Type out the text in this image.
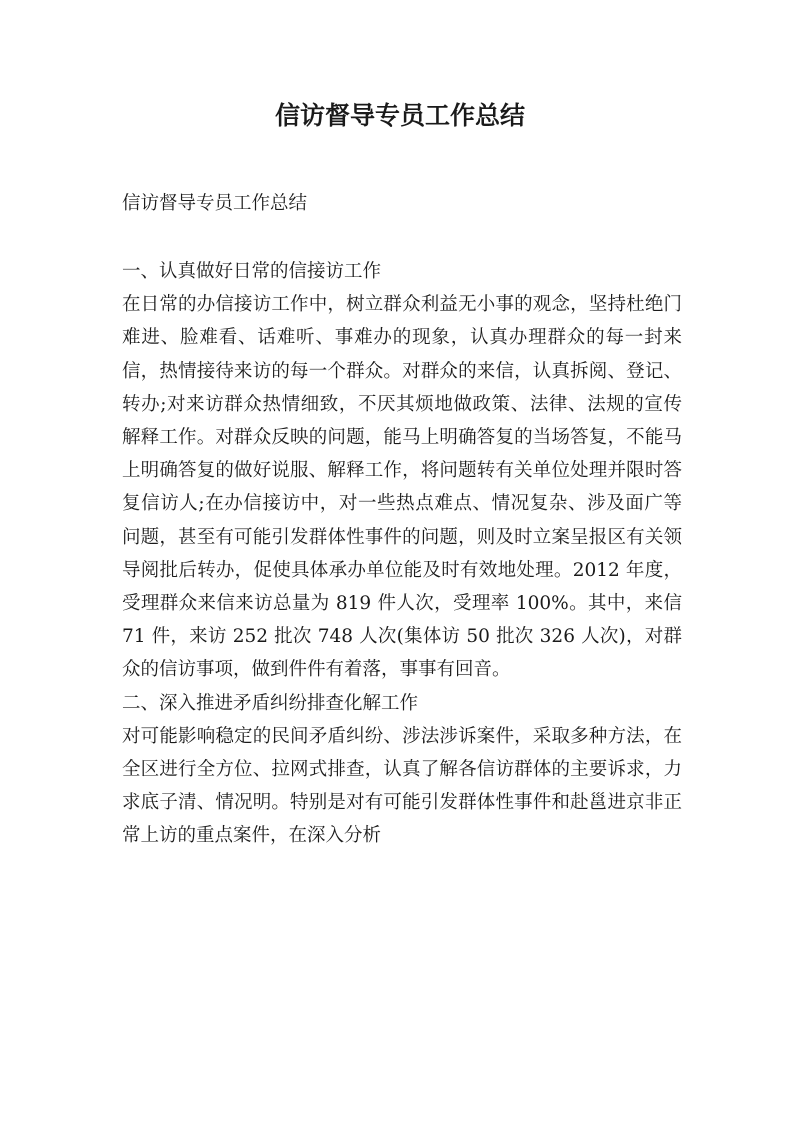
信访督导专员工作总结

信访督导专员工作总结

一、认真做好日常的信接访工作

在日常的办信接访工作中，树立群众利益无小事的观念，坚持杜绝门难进、脸难看、话难听、事难办的现象，认真办理群众的每一封来信，热情接待来访的每一个群众。对群众的来信，认真拆阅、登记、转办;对来访群众热情细致，不厌其烦地做政策、法律、法规的宣传解释工作。对群众反映的问题，能马上明确答复的当场答复，不能马上明确答复的做好说服、解释工作，将问题转有关单位处理并限时答复信访人;在办信接访中，对一些热点难点、情况复杂、涉及面广等问题，甚至有可能引发群体性事件的问题，则及时立案呈报区有关领导阅批后转办，促使具体承办单位能及时有效地处理。2012 年度，受理群众来信来访总量为 819 件人次，受理率 100%。其中，来信 71 件，来访 252 批次 748 人次(集体访 50 批次 326 人次)，对群众的信访事项，做到件件有着落，事事有回音。

二、深入推进矛盾纠纷排查化解工作

对可能影响稳定的民间矛盾纠纷、涉法涉诉案件，采取多种方法，在全区进行全方位、拉网式排查，认真了解各信访群体的主要诉求，力求底子清、情况明。特别是对有可能引发群体性事件和赴邕进京非正常上访的重点案件，在深入分析
